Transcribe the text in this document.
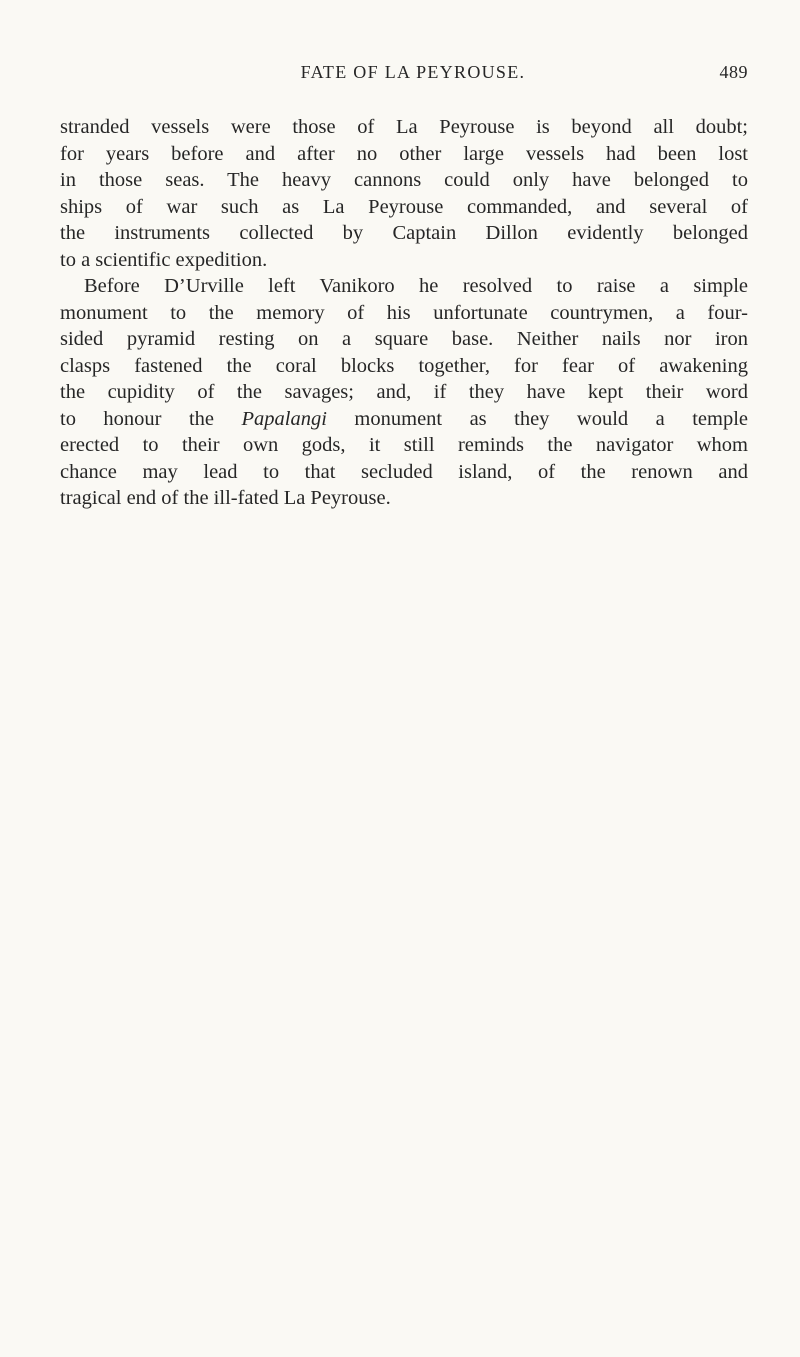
FATE OF LA PEYROUSE.	489
stranded vessels were those of La Peyrouse is beyond all doubt;
for years before and after no other large vessels had been lost
in those seas. The heavy cannons could only have belonged to
ships of war such as La Peyrouse commanded, and several of
the instruments collected by Captain Dillon evidently belonged
to a scientific expedition.
Before D’Urville left Vanikoro he resolved to raise a simple
monument to the memory of his unfortunate countrymen, a four-
sided pyramid resting on a square base. Neither nails nor iron
clasps fastened the coral blocks together, for fear of awakening
the cupidity of the savages; and, if they have kept their word
to honour the Papalangi monument as they would a temple
erected to their own gods, it still reminds the navigator whom
chance may lead to that secluded island, of the renown and
tragical end of the ill-fated La Peyrouse.
